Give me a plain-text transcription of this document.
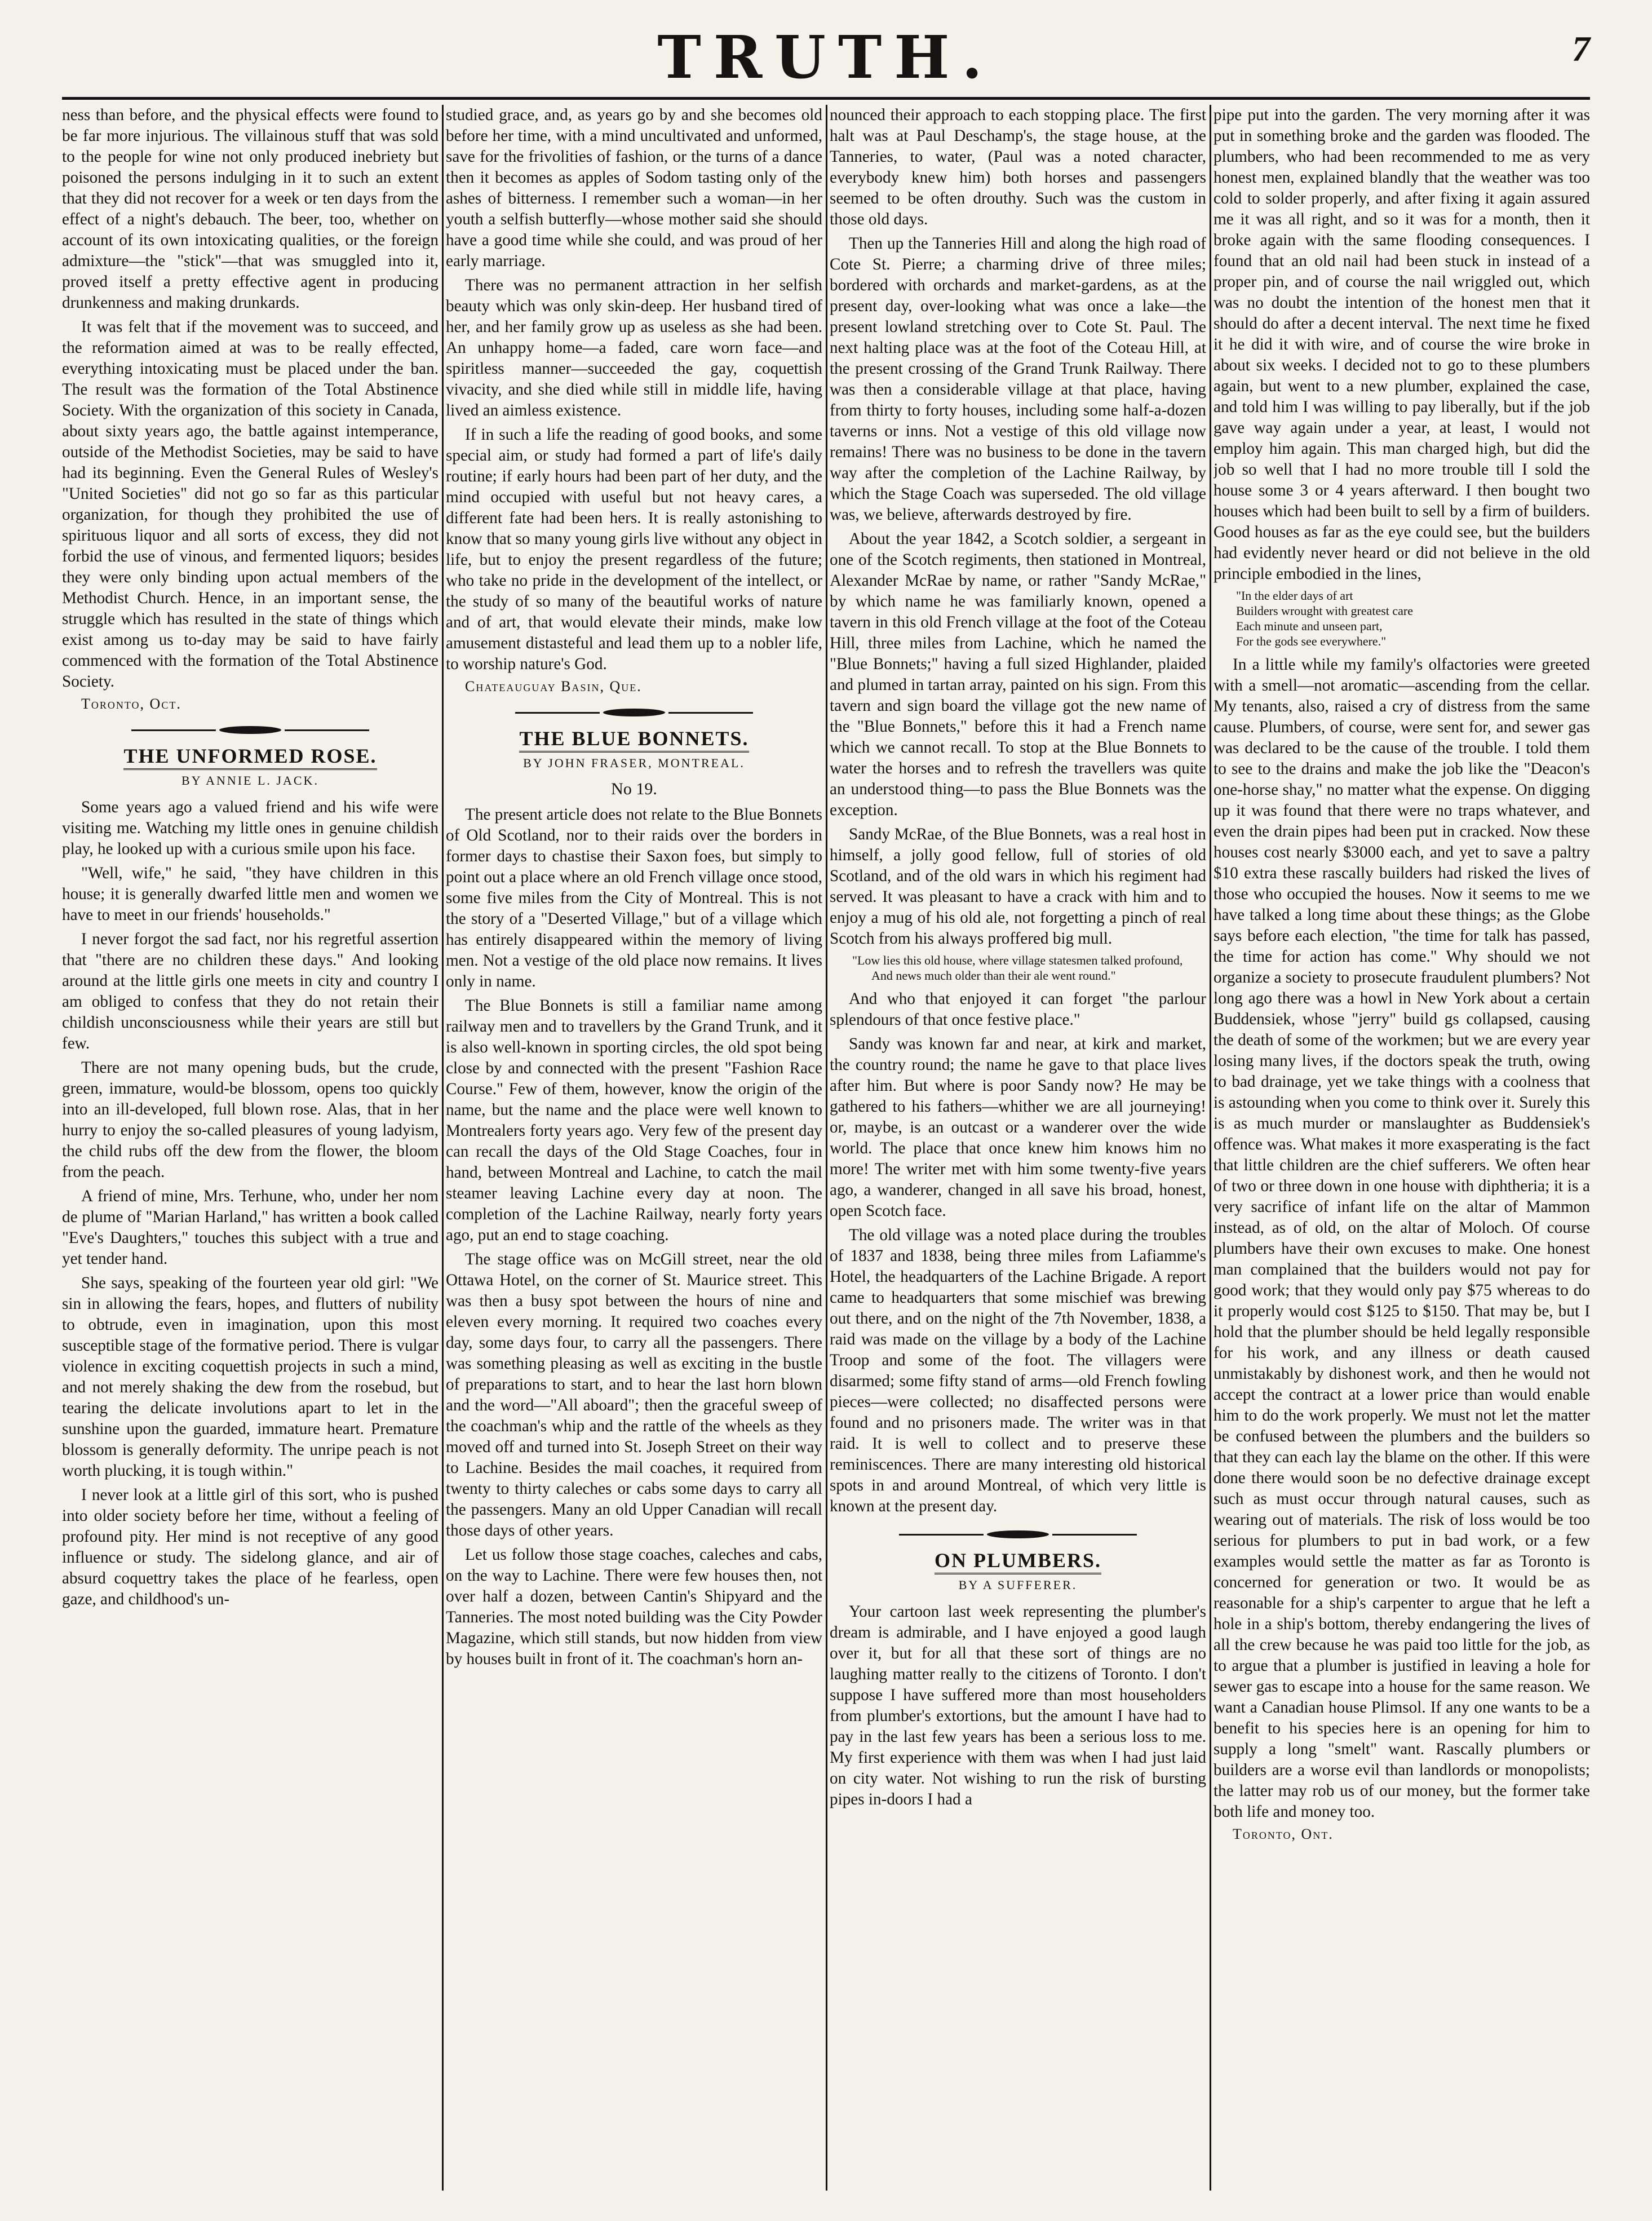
TRUTH.	7

ness than before, and the physical effects were found to be far more injurious. The villainous stuff that was sold to the people for wine not only produced inebriety but poisoned the persons indulging in it to such an extent that they did not recover for a week or ten days from the effect of a night's debauch. The beer, too, whether on account of its own intoxicating qualities, or the foreign admixture—the "stick"—that was smuggled into it, proved itself a pretty effective agent in producing drunkenness and making drunkards.

It was felt that if the movement was to succeed, and the reformation aimed at was to be really effected, everything intoxicating must be placed under the ban. The result was the formation of the Total Abstinence Society. With the organization of this society in Canada, about sixty years ago, the battle against intemperance, outside of the Methodist Societies, may be said to have had its beginning. Even the General Rules of Wesley's "United Societies" did not go so far as this particular organization, for though they prohibited the use of spirituous liquor and all sorts of excess, they did not forbid the use of vinous, and fermented liquors; besides they were only binding upon actual members of the Methodist Church. Hence, in an important sense, the struggle which has resulted in the state of things which exist among us to-day may be said to have fairly commenced with the formation of the Total Abstinence Society.

Toronto, Oct.
THE UNFORMED ROSE.
BY ANNIE L. JACK.

Some years ago a valued friend and his wife were visiting me. Watching my little ones in genuine childish play, he looked up with a curious smile upon his face.

"Well, wife," he said, "they have children in this house; it is generally dwarfed little men and women we have to meet in our friends' households."

I never forgot the sad fact, nor his regretful assertion that "there are no children these days." And looking around at the little girls one meets in city and country I am obliged to confess that they do not retain their childish unconsciousness while their years are still but few.

There are not many opening buds, but the crude, green, immature, would-be blossom, opens too quickly into an ill-developed, full blown rose. Alas, that in her hurry to enjoy the so-called pleasures of young ladyism, the child rubs off the dew from the flower, the bloom from the peach.

A friend of mine, Mrs. Terhune, who, under her nom de plume of "Marian Harland," has written a book called "Eve's Daughters," touches this subject with a true and yet tender hand.

She says, speaking of the fourteen year old girl: "We sin in allowing the fears, hopes, and flutters of nubility to obtrude, even in imagination, upon this most susceptible stage of the formative period. There is vulgar violence in exciting coquettish projects in such a mind, and not merely shaking the dew from the rosebud, but tearing the delicate involutions apart to let in the sunshine upon the guarded, immature heart. Premature blossom is generally deformity. The unripe peach is not worth plucking, it is tough within."

I never look at a little girl of this sort, who is pushed into older society before her time, without a feeling of profound pity. Her mind is not receptive of any good influence or study. The sidelong glance, and air of absurd coquettry takes the place of he fearless, open gaze, and childhood's un-

studied grace, and, as years go by and she becomes old before her time, with a mind uncultivated and unformed, save for the frivolities of fashion, or the turns of a dance then it becomes as apples of Sodom tasting only of the ashes of bitterness. I remember such a woman—in her youth a selfish butterfly—whose mother said she should have a good time while she could, and was proud of her early marriage.

There was no permanent attraction in her selfish beauty which was only skin-deep. Her husband tired of her, and her family grow up as useless as she had been. An unhappy home—a faded, care worn face—and spiritless manner—succeeded the gay, coquettish vivacity, and she died while still in middle life, having lived an aimless existence.

If in such a life the reading of good books, and some special aim, or study had formed a part of life's daily routine; if early hours had been part of her duty, and the mind occupied with useful but not heavy cares, a different fate had been hers. It is really astonishing to know that so many young girls live without any object in life, but to enjoy the present regardless of the future; who take no pride in the development of the intellect, or the study of so many of the beautiful works of nature and of art, that would elevate their minds, make low amusement distasteful and lead them up to a nobler life, to worship nature's God.

Chateauguay Basin, Que.
THE BLUE BONNETS.
BY JOHN FRASER, MONTREAL.
No 19.

The present article does not relate to the Blue Bonnets of Old Scotland, nor to their raids over the borders in former days to chastise their Saxon foes, but simply to point out a place where an old French village once stood, some five miles from the City of Montreal. This is not the story of a "Deserted Village," but of a village which has entirely disappeared within the memory of living men. Not a vestige of the old place now remains. It lives only in name.

The Blue Bonnets is still a familiar name among railway men and to travellers by the Grand Trunk, and it is also well-known in sporting circles, the old spot being close by and connected with the present "Fashion Race Course." Few of them, however, know the origin of the name, but the name and the place were well known to Montrealers forty years ago. Very few of the present day can recall the days of the Old Stage Coaches, four in hand, between Montreal and Lachine, to catch the mail steamer leaving Lachine every day at noon. The completion of the Lachine Railway, nearly forty years ago, put an end to stage coaching.

The stage office was on McGill street, near the old Ottawa Hotel, on the corner of St. Maurice street. This was then a busy spot between the hours of nine and eleven every morning. It required two coaches every day, some days four, to carry all the passengers. There was something pleasing as well as exciting in the bustle of preparations to start, and to hear the last horn blown and the word—"All aboard"; then the graceful sweep of the coachman's whip and the rattle of the wheels as they moved off and turned into St. Joseph Street on their way to Lachine. Besides the mail coaches, it required from twenty to thirty caleches or cabs some days to carry all the passengers. Many an old Upper Canadian will recall those days of other years.

Let us follow those stage coaches, caleches and cabs, on the way to Lachine. There were few houses then, not over half a dozen, between Cantin's Shipyard and the Tanneries. The most noted building was the City Powder Magazine, which still stands, but now hidden from view by houses built in front of it. The coachman's horn an-

nounced their approach to each stopping place. The first halt was at Paul Deschamp's, the stage house, at the Tanneries, to water, (Paul was a noted character, everybody knew him) both horses and passengers seemed to be often drouthy. Such was the custom in those old days.

Then up the Tanneries Hill and along the high road of Cote St. Pierre; a charming drive of three miles; bordered with orchards and market-gardens, as at the present day, over-looking what was once a lake—the present lowland stretching over to Cote St. Paul. The next halting place was at the foot of the Coteau Hill, at the present crossing of the Grand Trunk Railway. There was then a considerable village at that place, having from thirty to forty houses, including some half-a-dozen taverns or inns. Not a vestige of this old village now remains! There was no business to be done in the tavern way after the completion of the Lachine Railway, by which the Stage Coach was superseded. The old village was, we believe, afterwards destroyed by fire.

About the year 1842, a Scotch soldier, a sergeant in one of the Scotch regiments, then stationed in Montreal, Alexander McRae by name, or rather "Sandy McRae," by which name he was familiarly known, opened a tavern in this old French village at the foot of the Coteau Hill, three miles from Lachine, which he named the "Blue Bonnets;" having a full sized Highlander, plaided and plumed in tartan array, painted on his sign. From this tavern and sign board the village got the new name of the "Blue Bonnets," before this it had a French name which we cannot recall. To stop at the Blue Bonnets to water the horses and to refresh the travellers was quite an understood thing—to pass the Blue Bonnets was the exception.

Sandy McRae, of the Blue Bonnets, was a real host in himself, a jolly good fellow, full of stories of old Scotland, and of the old wars in which his regiment had served. It was pleasant to have a crack with him and to enjoy a mug of his old ale, not forgetting a pinch of real Scotch from his always proffered big mull.

"Low lies this old house, where village statesmen talked profound,
And news much older than their ale went round."

And who that enjoyed it can forget "the parlour splendours of that once festive place."

Sandy was known far and near, at kirk and market, the country round; the name he gave to that place lives after him. But where is poor Sandy now? He may be gathered to his fathers—whither we are all journeying! or, maybe, is an outcast or a wanderer over the wide world. The place that once knew him knows him no more! The writer met with him some twenty-five years ago, a wanderer, changed in all save his broad, honest, open Scotch face.

The old village was a noted place during the troubles of 1837 and 1838, being three miles from Lafiamme's Hotel, the headquarters of the Lachine Brigade. A report came to headquarters that some mischief was brewing out there, and on the night of the 7th November, 1838, a raid was made on the village by a body of the Lachine Troop and some of the foot. The villagers were disarmed; some fifty stand of arms—old French fowling pieces—were collected; no disaffected persons were found and no prisoners made. The writer was in that raid. It is well to collect and to preserve these reminiscences. There are many interesting old historical spots in and around Montreal, of which very little is known at the present day.

ON PLUMBERS.
BY A SUFFERER.

Your cartoon last week representing the plumber's dream is admirable, and I have enjoyed a good laugh over it, but for all that these sort of things are no laughing matter really to the citizens of Toronto. I don't suppose I have suffered more than most householders from plumber's extortions, but the amount I have had to pay in the last few years has been a serious loss to me. My first experience with them was when I had just laid on city water. Not wishing to run the risk of bursting pipes in-doors I had a

pipe put into the garden. The very morning after it was put in something broke and the garden was flooded. The plumbers, who had been recommended to me as very honest men, explained blandly that the weather was too cold to solder properly, and after fixing it again assured me it was all right, and so it was for a month, then it broke again with the same flooding consequences. I found that an old nail had been stuck in instead of a proper pin, and of course the nail wriggled out, which was no doubt the intention of the honest men that it should do after a decent interval. The next time he fixed it he did it with wire, and of course the wire broke in about six weeks. I decided not to go to these plumbers again, but went to a new plumber, explained the case, and told him I was willing to pay liberally, but if the job gave way again under a year, at least, I would not employ him again. This man charged high, but did the job so well that I had no more trouble till I sold the house some 3 or 4 years afterward. I then bought two houses which had been built to sell by a firm of builders. Good houses as far as the eye could see, but the builders had evidently never heard or did not believe in the old principle embodied in the lines,

"In the elder days of art
Builders wrought with greatest care
Each minute and unseen part,
For the gods see everywhere."

In a little while my family's olfactories were greeted with a smell—not aromatic—ascending from the cellar. My tenants, also, raised a cry of distress from the same cause. Plumbers, of course, were sent for, and sewer gas was declared to be the cause of the trouble. I told them to see to the drains and make the job like the "Deacon's one-horse shay," no matter what the expense. On digging up it was found that there were no traps whatever, and even the drain pipes had been put in cracked. Now these houses cost nearly $3000 each, and yet to save a paltry $10 extra these rascally builders had risked the lives of those who occupied the houses. Now it seems to me we have talked a long time about these things; as the Globe says before each election, "the time for talk has passed, the time for action has come." Why should we not organize a society to prosecute fraudulent plumbers? Not long ago there was a howl in New York about a certain Buddensiek, whose "jerry" build gs collapsed, causing the death of some of the workmen; but we are every year losing many lives, if the doctors speak the truth, owing to bad drainage, yet we take things with a coolness that is astounding when you come to think over it. Surely this is as much murder or manslaughter as Buddensiek's offence was. What makes it more exasperating is the fact that little children are the chief sufferers. We often hear of two or three down in one house with diphtheria; it is a very sacrifice of infant life on the altar of Mammon instead, as of old, on the altar of Moloch. Of course plumbers have their own excuses to make. One honest man complained that the builders would not pay for good work; that they would only pay $75 whereas to do it properly would cost $125 to $150. That may be, but I hold that the plumber should be held legally responsible for his work, and any illness or death caused unmistakably by dishonest work, and then he would not accept the contract at a lower price than would enable him to do the work properly. We must not let the matter be confused between the plumbers and the builders so that they can each lay the blame on the other. If this were done there would soon be no defective drainage except such as must occur through natural causes, such as wearing out of materials. The risk of loss would be too serious for plumbers to put in bad work, or a few examples would settle the matter as far as Toronto is concerned for generation or two. It would be as reasonable for a ship's carpenter to argue that he left a hole in a ship's bottom, thereby endangering the lives of all the crew because he was paid too little for the job, as to argue that a plumber is justified in leaving a hole for sewer gas to escape into a house for the same reason. We want a Canadian house Plimsol. If any one wants to be a benefit to his species here is an opening for him to supply a long "smelt" want. Rascally plumbers or builders are a worse evil than landlords or monopolists; the latter may rob us of our money, but the former take both life and money too.

Toronto, Ont.
